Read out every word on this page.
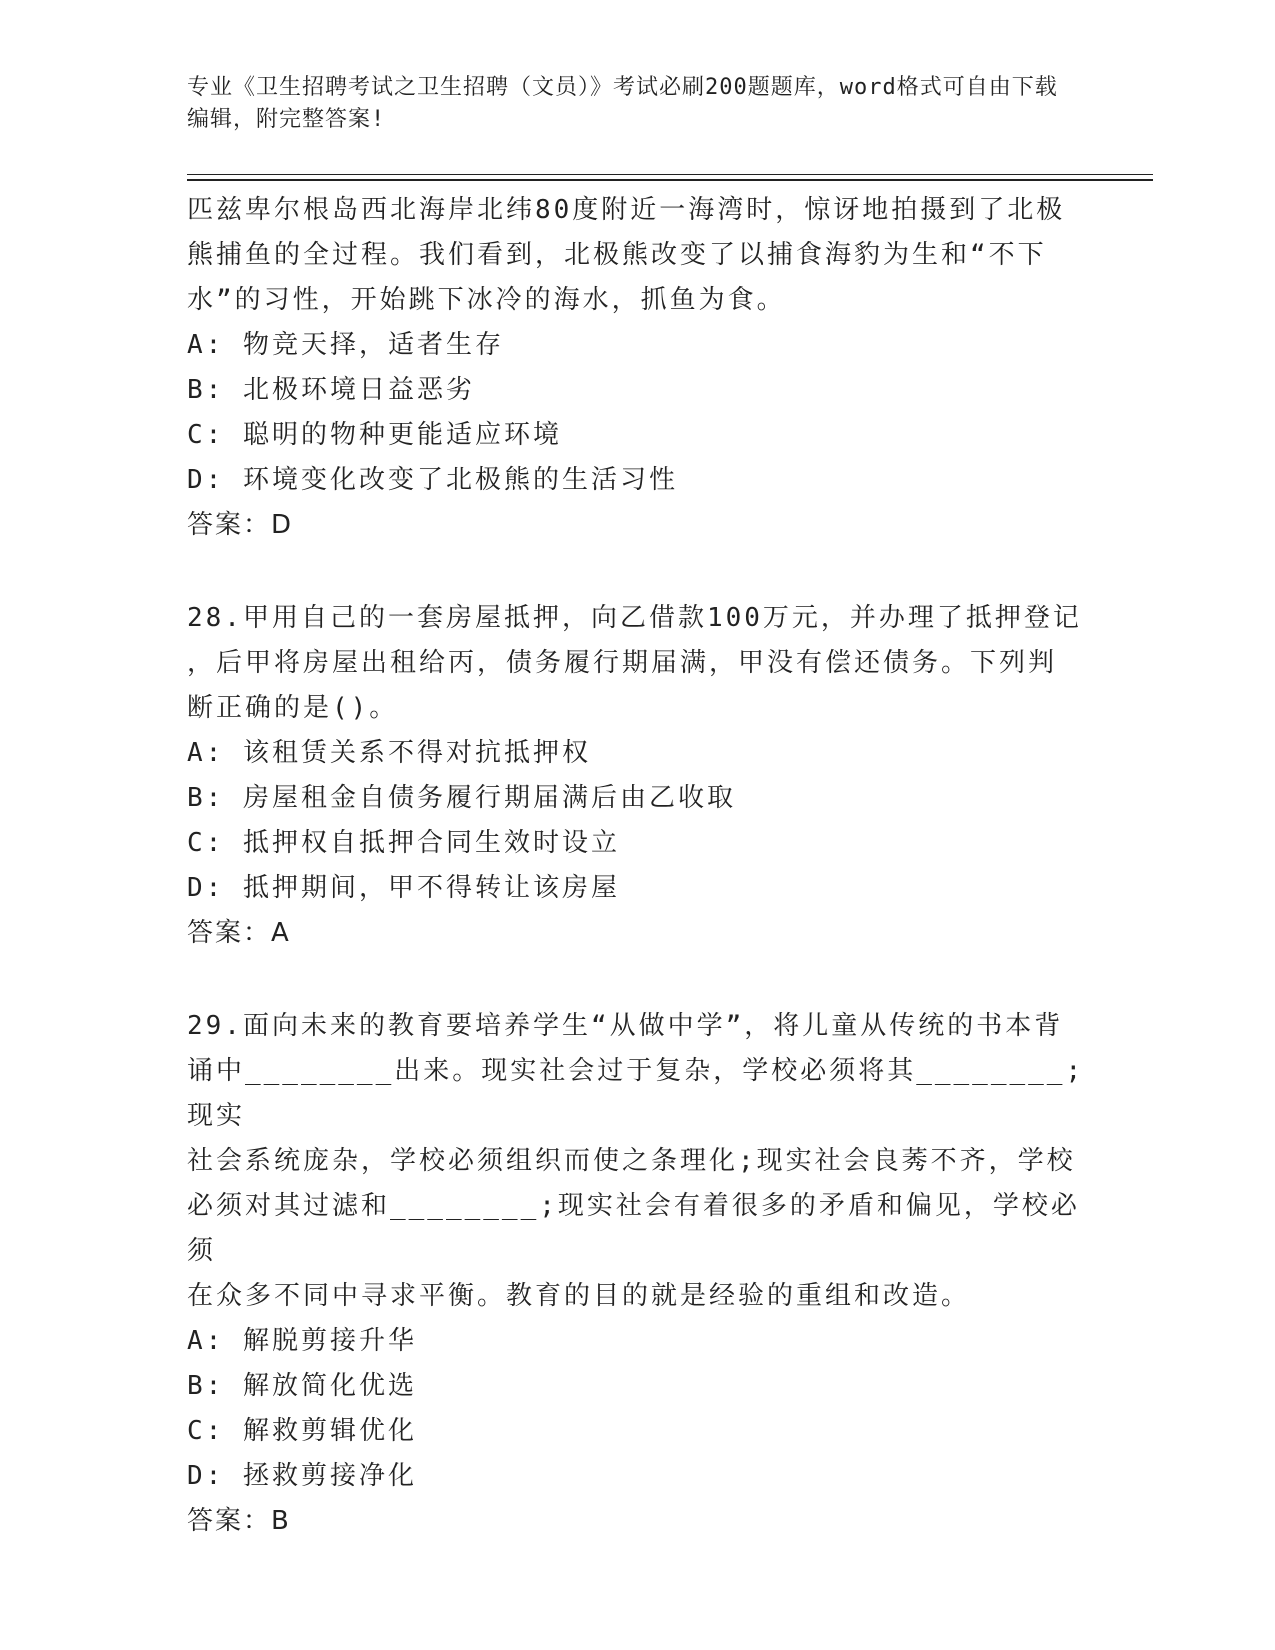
专业《卫生招聘考试之卫生招聘（文员）》考试必刷200题题库，word格式可自由下载编辑，附完整答案!

匹兹卑尔根岛西北海岸北纬80度附近一海湾时，惊讶地拍摄到了北极

熊捕鱼的全过程。我们看到，北极熊改变了以捕食海豹为生和“不下

水”的习性，开始跳下冰冷的海水，抓鱼为食。

A: 物竞天择，适者生存

B: 北极环境日益恶劣

C: 聪明的物种更能适应环境

D: 环境变化改变了北极熊的生活习性

答案：D

28.甲用自己的一套房屋抵押，向乙借款100万元，并办理了抵押登记

，后甲将房屋出租给丙，债务履行期届满，甲没有偿还债务。下列判

断正确的是()。

A: 该租赁关系不得对抗抵押权

B: 房屋租金自债务履行期届满后由乙收取

C: 抵押权自抵押合同生效时设立

D: 抵押期间，甲不得转让该房屋

答案：A

29.面向未来的教育要培养学生“从做中学”，将儿童从传统的书本背

诵中________出来。现实社会过于复杂，学校必须将其________;现实

社会系统庞杂，学校必须组织而使之条理化;现实社会良莠不齐，学校

必须对其过滤和________;现实社会有着很多的矛盾和偏见，学校必须

在众多不同中寻求平衡。教育的目的就是经验的重组和改造。

A: 解脱剪接升华

B: 解放简化优选

C: 解救剪辑优化

D: 拯救剪接净化

答案：B
